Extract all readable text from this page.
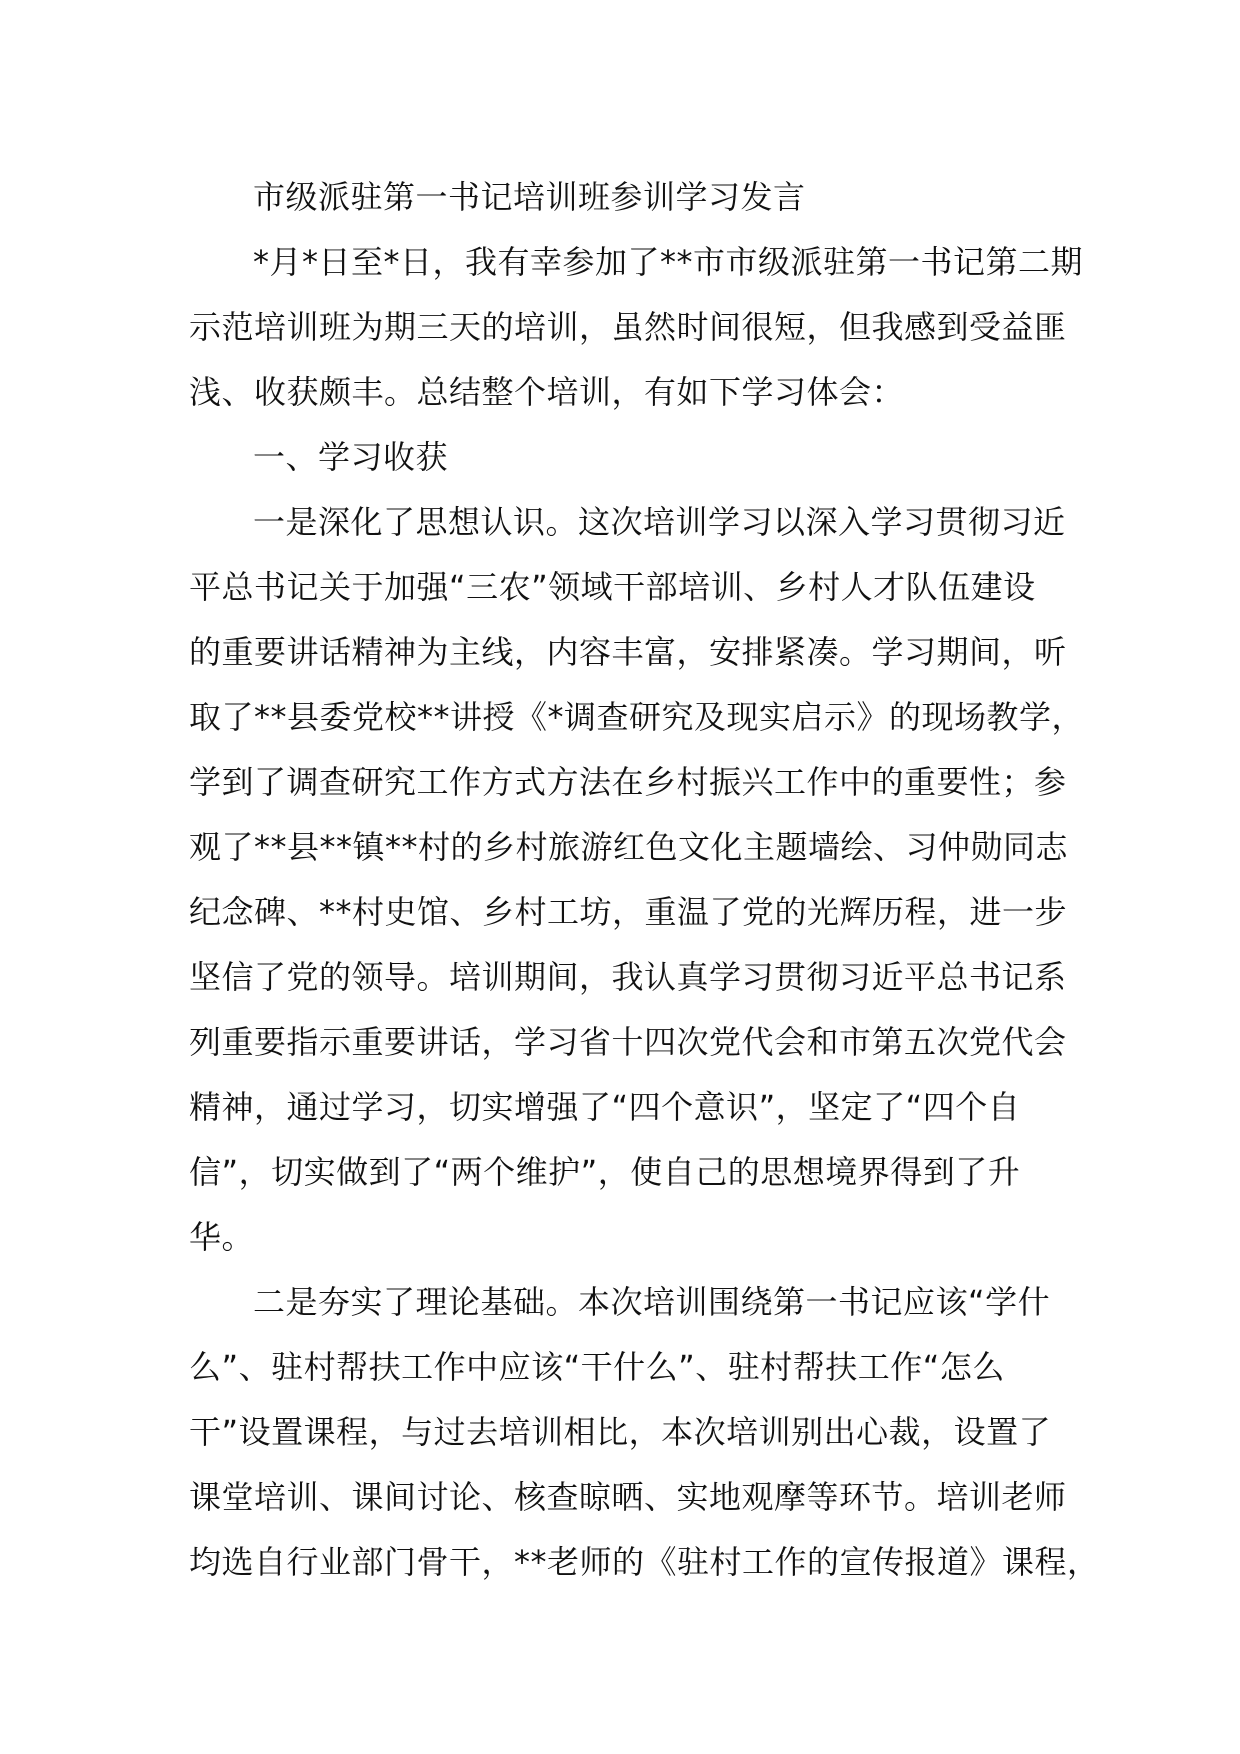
市级派驻第一书记培训班参训学习发言
*月*日至*日，我有幸参加了**市市级派驻第一书记第二期
示范培训班为期三天的培训，虽然时间很短，但我感到受益匪
浅、收获颇丰。总结整个培训，有如下学习体会：
一、学习收获
一是深化了思想认识。这次培训学习以深入学习贯彻习近
平总书记关于加强“三农”领域干部培训、乡村人才队伍建设
的重要讲话精神为主线，内容丰富，安排紧凑。学习期间，听
取了**县委党校**讲授《*调查研究及现实启示》的现场教学，
学到了调查研究工作方式方法在乡村振兴工作中的重要性；参
观了**县**镇**村的乡村旅游红色文化主题墙绘、习仲勋同志
纪念碑、**村史馆、乡村工坊，重温了党的光辉历程，进一步
坚信了党的领导。培训期间，我认真学习贯彻习近平总书记系
列重要指示重要讲话，学习省十四次党代会和市第五次党代会
精神，通过学习，切实增强了“四个意识”，坚定了“四个自
信”，切实做到了“两个维护”，使自己的思想境界得到了升
华。
二是夯实了理论基础。本次培训围绕第一书记应该“学什
么”、驻村帮扶工作中应该“干什么”、驻村帮扶工作“怎么
干”设置课程，与过去培训相比，本次培训别出心裁，设置了
课堂培训、课间讨论、核查晾晒、实地观摩等环节。培训老师
均选自行业部门骨干，**老师的《驻村工作的宣传报道》课程，
